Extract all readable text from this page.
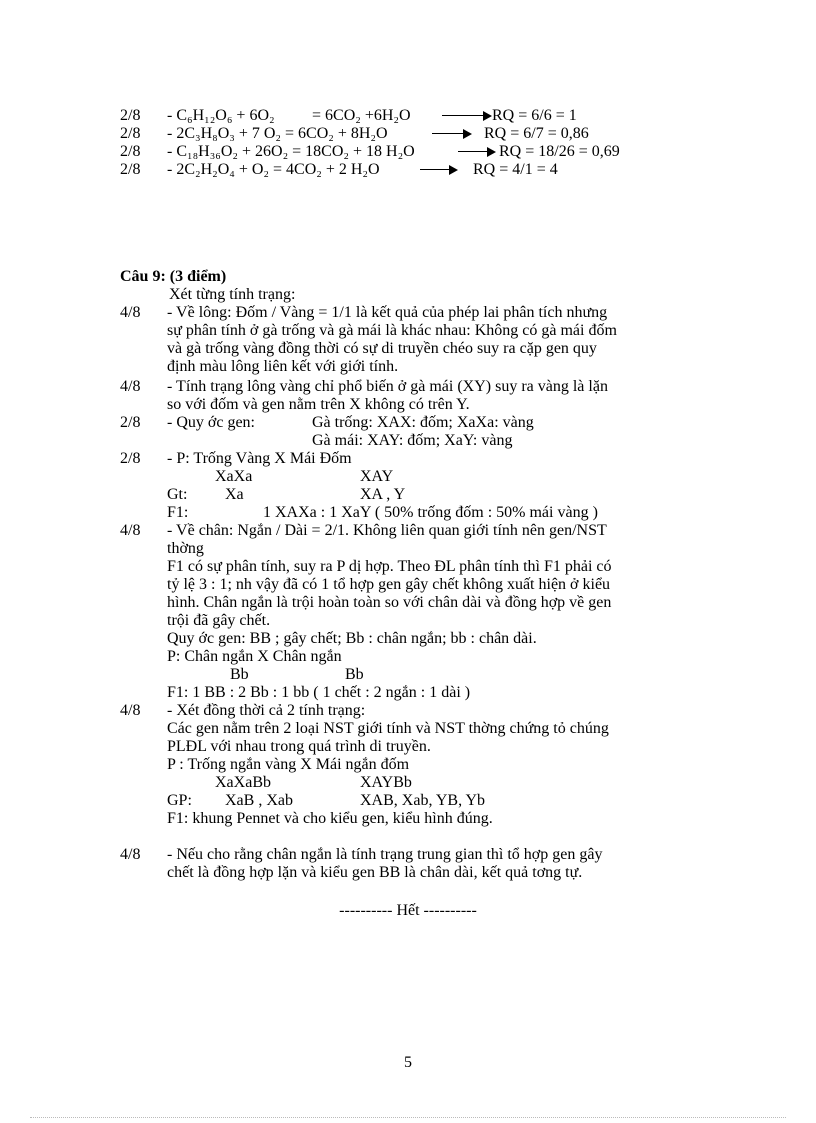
2/8 - C₆H₁₂O₆ + 6O₂ = 6CO₂ +6H₂O	RQ = 6/6 = 1
2/8 - 2C₃H₈O₃ + 7 O₂ = 6CO₂ + 8H₂O	RQ = 6/7 = 0,86
2/8 - C₁₈H₃₆O₂ + 26O₂ = 18CO₂ + 18 H₂O	RQ = 18/26 = 0,69
2/8 - 2C₂H₂O₄ + O₂ = 4CO₂ + 2 H₂O	RQ = 4/1 = 4
Câu 9: (3 điểm)
Xét từng tính trạng:
4/8 - Về lông: Đốm / Vàng = 1/1 là kết quả của phép lai phân tích nhưng
sự phân tính ở gà trống và gà mái là khác nhau: Không có gà mái đốm
và gà trống vàng đồng thời có sự di truyền chéo suy ra cặp gen quy
định màu lông liên kết với giới tính.
4/8 - Tính trạng lông vàng chỉ phổ biến ở gà mái (XY) suy ra vàng là lặn
so với đốm và gen nằm trên X không có trên Y.
2/8 - Quy ớc gen:	Gà trống: XAX: đốm; XaXa: vàng
Gà mái: XAY: đốm; XaY: vàng
2/8 - P: Trống Vàng X Mái Đốm
XaXa	XAY
Gt: Xa	XA , Y
F1:	1 XAXa : 1 XaY ( 50% trống đốm : 50% mái vàng )
4/8 - Về chân: Ngắn / Dài = 2/1. Không liên quan giới tính nên gen/NST
thờng
F1 có sự phân tính, suy ra P dị hợp. Theo ĐL phân tính thì F1 phải có
tỷ lệ 3 : 1; nh vậy đã có 1 tổ hợp gen gây chết không xuất hiện ở kiểu
hình. Chân ngắn là trội hoàn toàn so với chân dài và đồng hợp về gen
trội đã gây chết.
Quy ớc gen: BB ; gây chết; Bb : chân ngắn; bb : chân dài.
P: Chân ngắn X Chân ngắn
Bb	Bb
F1: 1 BB : 2 Bb : 1 bb ( 1 chết : 2 ngắn : 1 dài )
4/8 - Xét đồng thời cả 2 tính trạng:
Các gen nằm trên 2 loại NST giới tính và NST thờng chứng tỏ chúng
PLĐL với nhau trong quá trình di truyền.
P : Trống ngắn vàng X Mái ngắn đốm
XaXaBb	XAYBb
GP: XaB , Xab	XAB, Xab, YB, Yb
F1: khung Pennet và cho kiểu gen, kiểu hình đúng.
4/8 - Nếu cho rằng chân ngắn là tính trạng trung gian thì tổ hợp gen gây
chết là đồng hợp lặn và kiểu gen BB là chân dài, kết quả tơng tự.
---------- Hết ----------
5
